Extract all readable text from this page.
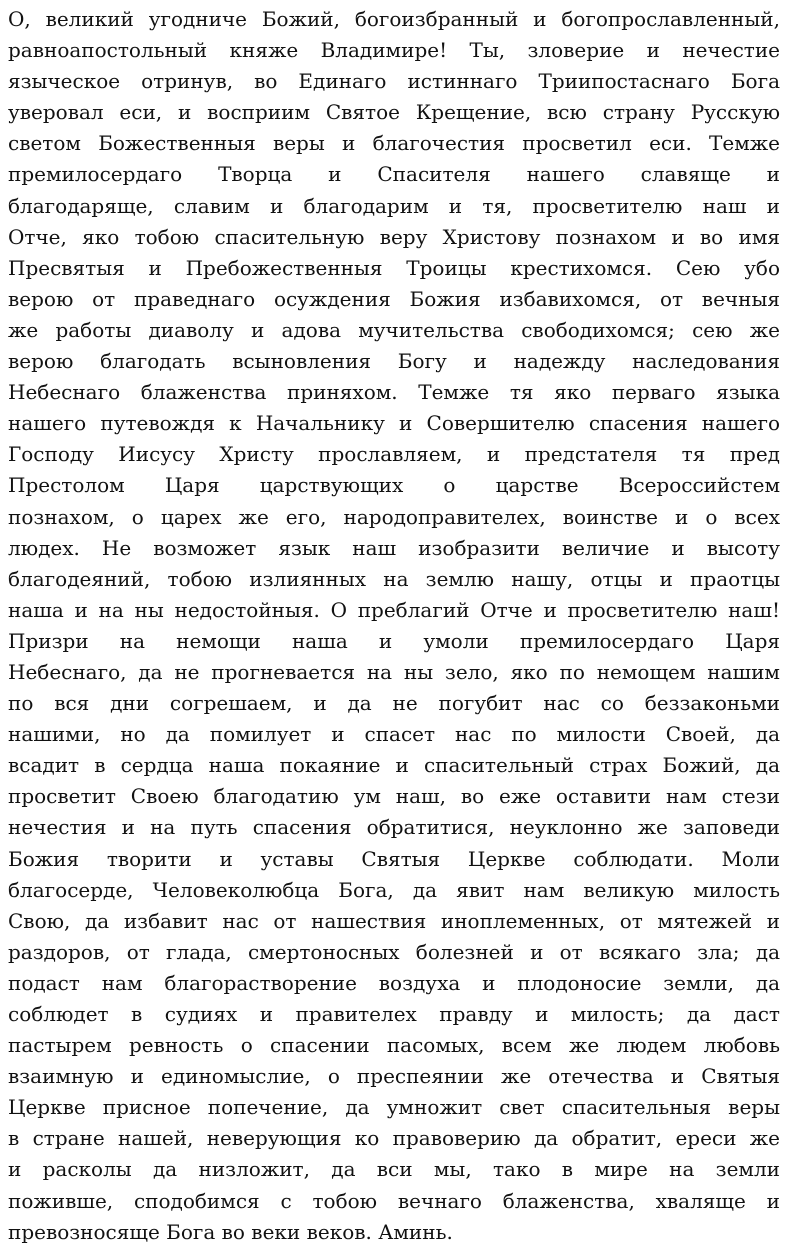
О, великий угодниче Божий, богоизбранный и богопрославленный,
равноапостольный княже Владимире! Ты, зловерие и нечестие
языческое отринув, во Единаго истиннаго Триипостаснаго Бога
уверовал еси, и восприим Святое Крещение, всю страну Русскую
светом Божественныя веры и благочестия просветил еси. Темже
премилосердаго Творца и Спасителя нашего славяще и
благодаряще, славим и благодарим и тя, просветителю наш и
Отче, яко тобою спасительную веру Христову познахом и во имя
Пресвятыя и Пребожественныя Троицы крестихомся. Сею убо
верою от праведнаго осуждения Божия избавихомся, от вечныя
же работы диаволу и адова мучительства свободихомся; сею же
верою благодать всыновления Богу и надежду наследования
Небеснаго блаженства приняхом. Темже тя яко перваго языка
нашего путевождя к Начальнику и Совершителю спасения нашего
Господу Иисусу Христу прославляем, и предстателя тя пред
Престолом Царя царствующих о царстве Всероссийстем
познахом, о царех же его, народоправителех, воинстве и о всех
людех. Не возможет язык наш изобразити величие и высоту
благодеяний, тобою излиянных на землю нашу, отцы и праотцы
наша и на ны недостойныя. О преблагий Отче и просветителю наш!
Призри на немощи наша и умоли премилосердаго Царя
Небеснаго, да не прогневается на ны зело, яко по немощем нашим
по вся дни согрешаем, и да не погубит нас со беззаконьми
нашими, но да помилует и спасет нас по милости Своей, да
всадит в сердца наша покаяние и спасительный страх Божий, да
просветит Своею благодатию ум наш, во еже оставити нам стези
нечестия и на путь спасения обратитися, неуклонно же заповеди
Божия творити и уставы Святыя Церкве соблюдати. Моли
благосерде, Человеколюбца Бога, да явит нам великую милость
Свою, да избавит нас от нашествия иноплеменных, от мятежей и
раздоров, от глада, смертоносных болезней и от всякаго зла; да
подаст нам благорастворение воздуха и плодоносие земли, да
соблюдет в судиях и правителех правду и милость; да даст
пастырем ревность о спасении пасомых, всем же людем любовь
взаимную и единомыслие, о преспеянии же отечества и Святыя
Церкве присное попечение, да умножит свет спасительныя веры
в стране нашей, неверующия ко правоверию да обратит, ереси же
и расколы да низложит, да вси мы, тако в мире на земли
поживше, сподобимся с тобою вечнаго блаженства, хваляще и
превозносяще Бога во веки веков. Аминь.
